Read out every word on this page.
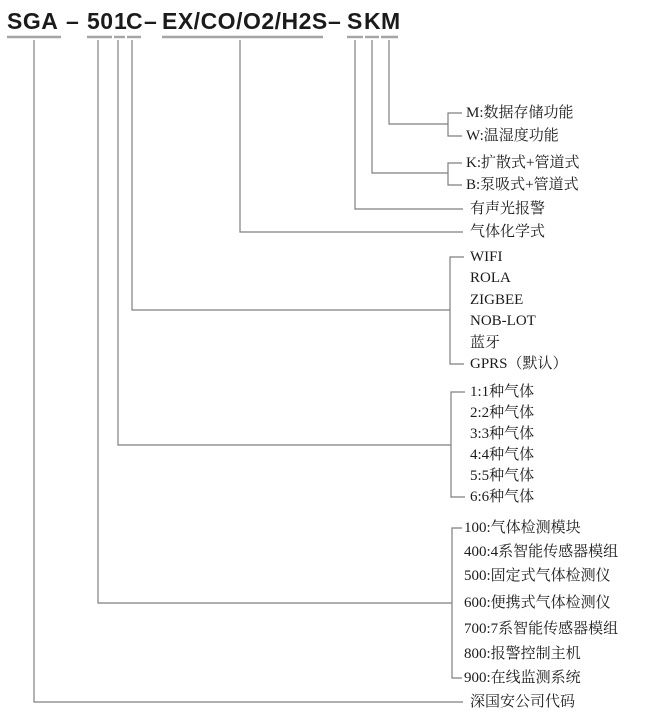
SGA – 50 1
C – EX/CO/O2/H2S – S K M
M:数据存储功能
W:温湿度功能
K:扩散式+管道式
B:泵吸式+管道式
有声光报警
气体化学式
WIFI
ROLA
ZIGBEE
NOB-LOT
蓝牙
GPRS（默认）
1:1种气体
2:2种气体
3:3种气体
4:4种气体
5:5种气体
6:6种气体
100:气体检测模块
400:4系智能传感器模组
500:固定式气体检测仪
600:便携式气体检测仪
700:7系智能传感器模组
800:报警控制主机
900:在线监测系统
深国安公司代码
